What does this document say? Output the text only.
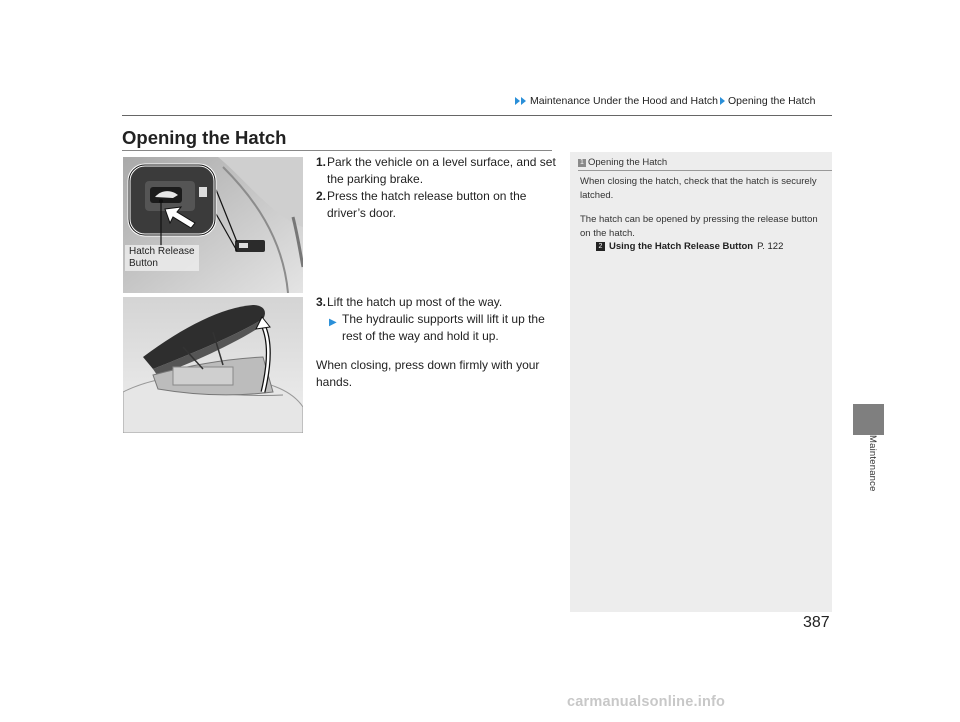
Maintenance Under the Hood and Hatch Opening the Hatch
Opening the Hatch
Hatch Release
Button
1. Park the vehicle on a level surface, and set the parking brake.
2. Press the hatch release button on the driver’s door.
3. Lift the hatch up most of the way.
▶ The hydraulic supports will lift it up the rest of the way and hold it up.
When closing, press down firmly with your hands.
1 Opening the Hatch
When closing the hatch, check that the hatch is securely latched.
The hatch can be opened by pressing the release button on the hatch.
2 Using the Hatch Release Button P. 122
Maintenance
387
carmanualsonline.info
